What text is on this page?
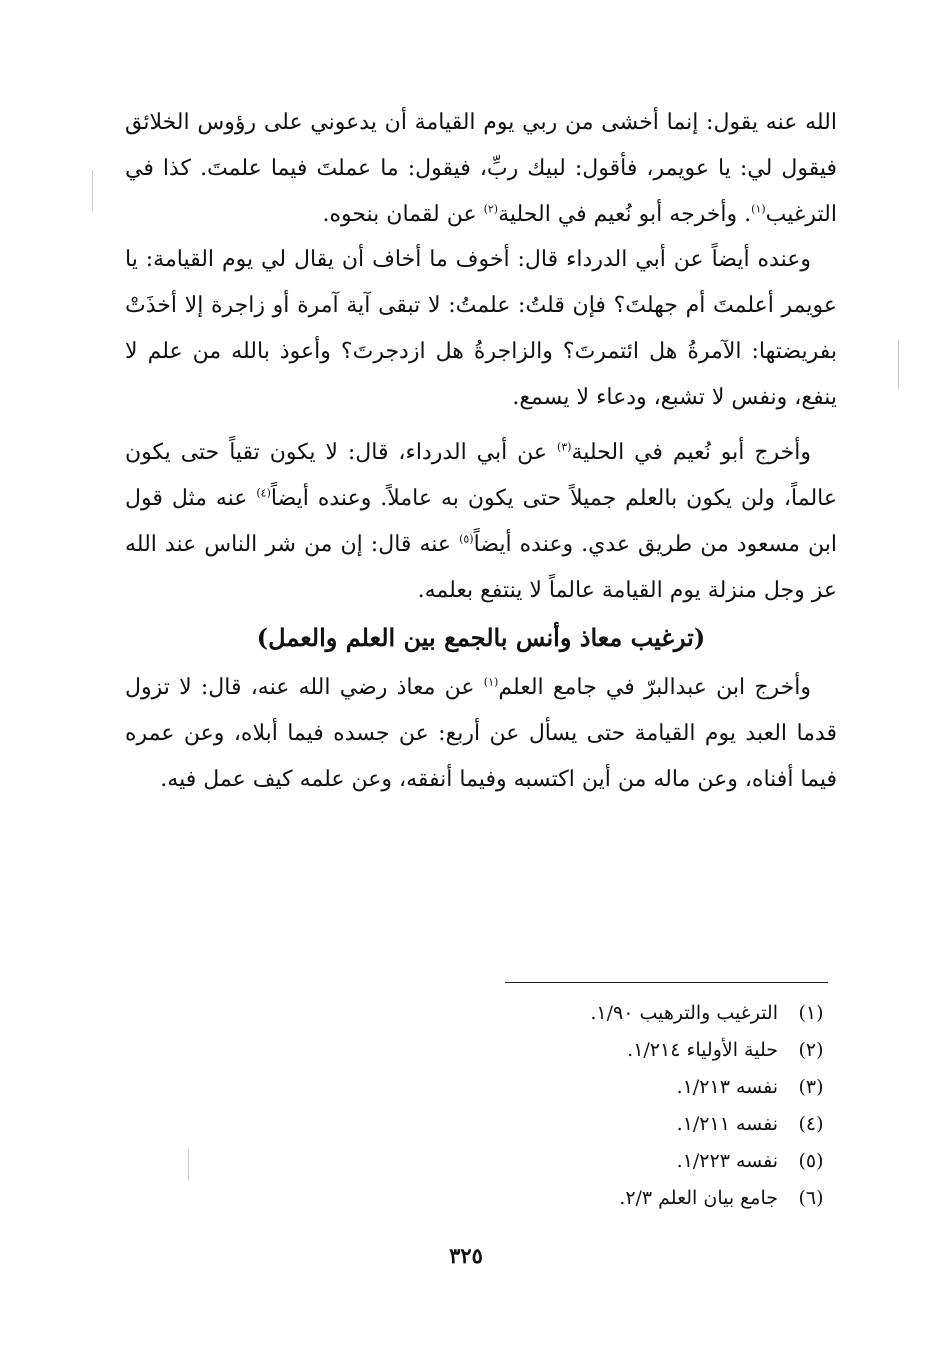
الله عنه يقول: إنما أخشى من ربي يوم القيامة أن يدعوني على رؤوس الخلائق فيقول لي: يا عويمر، فأقول: لبيك ربِّ، فيقول: ما عملتَ فيما علمتَ. كذا في الترغيب$^{(١)}$. وأخرجه أبو نُعيم في الحلية$^{(٢)}$ عن لقمان بنحوه.
وعنده أيضاً عن أبي الدرداء قال: أخوف ما أخاف أن يقال لي يوم القيامة: يا عويمر أعلمتَ أم جهلتَ؟ فإن قلتُ: علمتُ: لا تبقى آية آمرة أو زاجرة إلا أخذَتْ بفريضتها: الآمرةُ هل ائتمرتَ؟ والزاجرةُ هل ازدجرتَ؟ وأعوذ بالله من علم لا ينفع، ونفس لا تشبع، ودعاء لا يسمع.
وأخرج أبو نُعيم في الحلية$^{(٣)}$ عن أبي الدرداء، قال: لا يكون تقياً حتى يكون عالماً، ولن يكون بالعلم جميلاً حتى يكون به عاملاً. وعنده أيضاً$^{(٤)}$ عنه مثل قول ابن مسعود من طريق عدي. وعنده أيضاً$^{(٥)}$ عنه قال: إن من شر الناس عند الله عز وجل منزلة يوم القيامة عالماً لا ينتفع بعلمه.
(ترغيب معاذ وأنس بالجمع بين العلم والعمل)
وأخرج ابن عبدالبرّ في جامع العلم$^{(١)}$ عن معاذ رضي الله عنه، قال: لا تزول قدما العبد يوم القيامة حتى يسأل عن أربع: عن جسده فيما أبلاه، وعن عمره فيما أفناه، وعن ماله من أين اكتسبه وفيما أنفقه، وعن علمه كيف عمل فيه.
(١)الترغيب والترهيب ١/٩٠.
(٢)حلية الأولياء ١/٢١٤.
(٣)نفسه ١/٢١٣.
(٤)نفسه ١/٢١١.
(٥)نفسه ١/٢٢٣.
(٦)جامع بيان العلم ٢/٣.
٣٢٥
